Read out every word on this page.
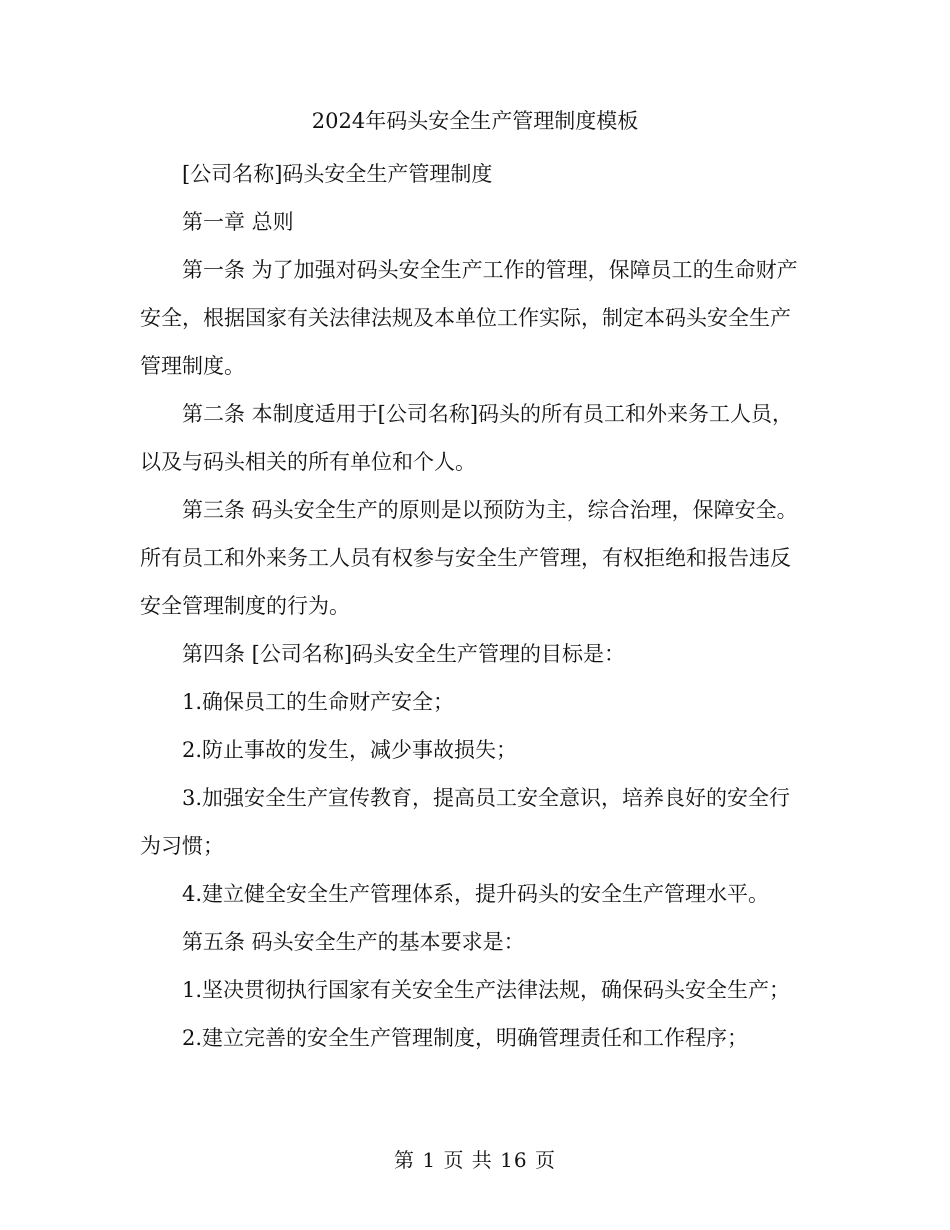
2024年码头安全生产管理制度模板

[公司名称]码头安全生产管理制度

第一章 总则

第一条 为了加强对码头安全生产工作的管理，保障员工的生命财产安全，根据国家有关法律法规及本单位工作实际，制定本码头安全生产管理制度。

第二条 本制度适用于[公司名称]码头的所有员工和外来务工人员，以及与码头相关的所有单位和个人。

第三条 码头安全生产的原则是以预防为主，综合治理，保障安全。所有员工和外来务工人员有权参与安全生产管理，有权拒绝和报告违反安全管理制度的行为。

第四条 [公司名称]码头安全生产管理的目标是：

1.确保员工的生命财产安全；

2.防止事故的发生，减少事故损失；

3.加强安全生产宣传教育，提高员工安全意识，培养良好的安全行为习惯；

4.建立健全安全生产管理体系，提升码头的安全生产管理水平。

第五条 码头安全生产的基本要求是：

1.坚决贯彻执行国家有关安全生产法律法规，确保码头安全生产；

2.建立完善的安全生产管理制度，明确管理责任和工作程序；

第 1 页 共 16 页
